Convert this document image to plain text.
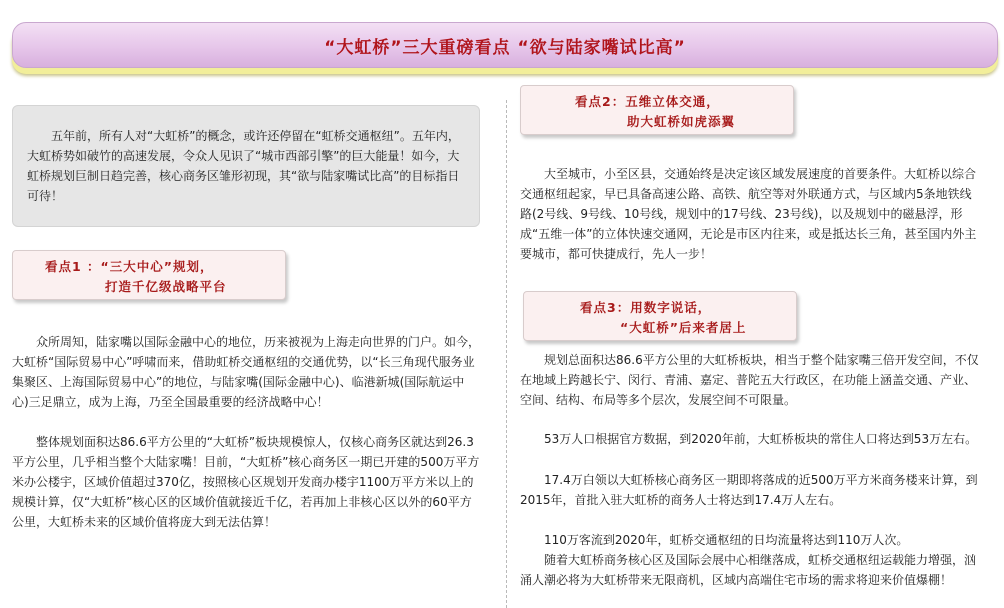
“大虹桥”三大重磅看点 “欲与陆家嘴试比高”

五年前，所有人对“大虹桥”的概念，或许还停留在“虹桥交通枢纽”。五年内，大虹桥势如破竹的高速发展，令众人见识了“城市西部引擎”的巨大能量！如今，大虹桥规划巨制日趋完善，核心商务区雏形初现，其“欲与陆家嘴试比高”的目标指日可待！

看点1 ：“三大中心”规划，
打造千亿级战略平台

众所周知，陆家嘴以国际金融中心的地位，历来被视为上海走向世界的门户。如今，大虹桥“国际贸易中心”呼啸而来，借助虹桥交通枢纽的交通优势，以“长三角现代服务业集聚区、上海国际贸易中心”的地位，与陆家嘴(国际金融中心)、临港新城(国际航运中心)三足鼎立，成为上海，乃至全国最重要的经济战略中心！

整体规划面积达86.6平方公里的“大虹桥”板块规模惊人，仅核心商务区就达到26.3平方公里，几乎相当整个大陆家嘴！目前，“大虹桥”核心商务区一期已开建的500万平方米办公楼宇，区域价值超过370亿，按照核心区规划开发商办楼宇1100万平方米以上的规模计算，仅“大虹桥”核心区的区域价值就接近千亿，若再加上非核心区以外的60平方公里，大虹桥未来的区域价值将庞大到无法估算！

看点2：五维立体交通，
助大虹桥如虎添翼

大至城市，小至区县，交通始终是决定该区域发展速度的首要条件。大虹桥以综合交通枢纽起家，早已具备高速公路、高铁、航空等对外联通方式，与区域内5条地铁线路(2号线、9号线、10号线，规划中的17号线、23号线)，以及规划中的磁悬浮，形成“五维一体”的立体快速交通网，无论是市区内往来，或是抵达长三角，甚至国内外主要城市，都可快捷成行，先人一步！

看点3：用数字说话，
“大虹桥”后来者居上

规划总面积达86.6平方公里的大虹桥板块，相当于整个陆家嘴三倍开发空间，不仅在地域上跨越长宁、闵行、青浦、嘉定、普陀五大行政区，在功能上涵盖交通、产业、空间、结构、布局等多个层次，发展空间不可限量。

53万人口根据官方数据，到2020年前，大虹桥板块的常住人口将达到53万左右。

17.4万白领以大虹桥核心商务区一期即将落成的近500万平方米商务楼来计算，到2015年，首批入驻大虹桥的商务人士将达到17.4万人左右。

110万客流到2020年，虹桥交通枢纽的日均流量将达到110万人次。

随着大虹桥商务核心区及国际会展中心相继落成，虹桥交通枢纽运载能力增强，汹涌人潮必将为大虹桥带来无限商机，区域内高端住宅市场的需求将迎来价值爆棚！
